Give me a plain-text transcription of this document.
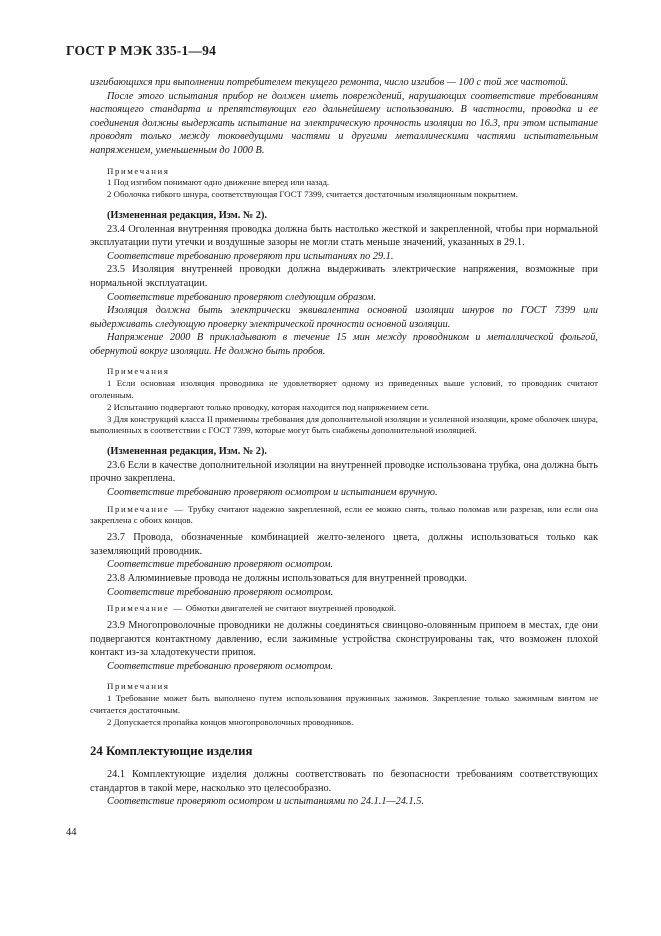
ГОСТ Р МЭК 335-1—94

изгибающихся при выполнении потребителем текущего ремонта, число изгибов — 100 с той же частотой.

После этого испытания прибор не должен иметь повреждений, нарушающих соответствие требованиям настоящего стандарта и препятствующих его дальнейшему использованию. В частности, проводка и ее соединения должны выдержать испытание на электрическую прочность изоляции по 16.3, при этом испытание проводят только между токоведущими частями и другими металлическими частями испытательным напряжением, уменьшенным до 1000 В.

Примечания

1 Под изгибом понимают одно движение вперед или назад.

2 Оболочка гибкого шнура, соответствующая ГОСТ 7399, считается достаточным изоляционным покрытием.

(Измененная редакция, Изм. № 2).

23.4 Оголенная внутренняя проводка должна быть настолько жесткой и закрепленной, чтобы при нормальной эксплуатации пути утечки и воздушные зазоры не могли стать меньше значений, указанных в 29.1.

Соответствие требованию проверяют при испытаниях по 29.1.

23.5 Изоляция внутренней проводки должна выдерживать электрические напряжения, возможные при нормальной эксплуатации.

Соответствие требованию проверяют следующим образом.

Изоляция должна быть электрически эквивалентна основной изоляции шнуров по ГОСТ 7399 или выдерживать следующую проверку электрической прочности основной изоляции.

Напряжение 2000 В прикладывают в течение 15 мин между проводником и металлической фольгой, обернутой вокруг изоляции. Не должно быть пробоя.

Примечания

1 Если основная изоляция проводника не удовлетворяет одному из приведенных выше условий, то проводник считают оголенным.

2 Испытанию подвергают только проводку, которая находится под напряжением сети.

3 Для конструкций класса II применимы требования для дополнительной изоляции и усиленной изоляции, кроме оболочек шнура, выполненных в соответствии с ГОСТ 7399, которые могут быть снабжены дополнительной изоляцией.

(Измененная редакция, Изм. № 2).

23.6 Если в качестве дополнительной изоляции на внутренней проводке использована трубка, она должна быть прочно закреплена.

Соответствие требованию проверяют осмотром и испытанием вручную.

Примечание — Трубку считают надежно закрепленной, если ее можно снять, только поломав или разрезав, или если она закреплена с обоих концов.

23.7 Провода, обозначенные комбинацией желто-зеленого цвета, должны использоваться только как заземляющий проводник.

Соответствие требованию проверяют осмотром.

23.8 Алюминиевые провода не должны использоваться для внутренней проводки.

Соответствие требованию проверяют осмотром.

Примечание — Обмотки двигателей не считают внутренней проводкой.

23.9 Многопроволочные проводники не должны соединяться свинцово-оловянным припоем в местах, где они подвергаются контактному давлению, если зажимные устройства сконструированы так, что возможен плохой контакт из-за хладотекучести припоя.

Соответствие требованию проверяют осмотром.

Примечания

1 Требование может быть выполнено путем использования пружинных зажимов. Закрепление только зажимным винтом не считается достаточным.

2 Допускается пропайка концов многопроволочных проводников.

24 Комплектующие изделия

24.1 Комплектующие изделия должны соответствовать по безопасности требованиям соответствующих стандартов в такой мере, насколько это целесообразно.

Соответствие проверяют осмотром и испытаниями по 24.1.1—24.1.5.

44
